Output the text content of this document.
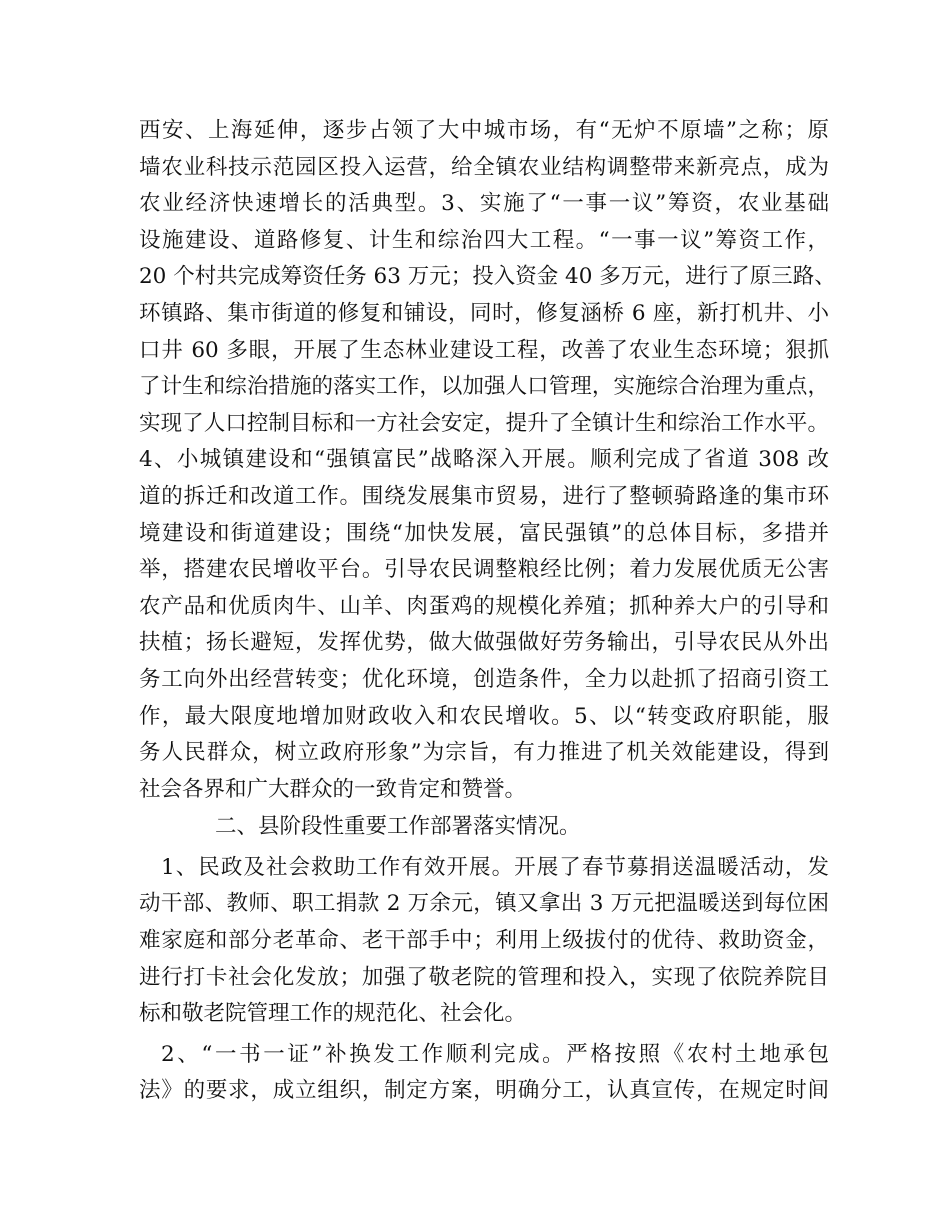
西安、上海延伸，逐步占领了大中城市场，有“无炉不原墙”之称；原
墙农业科技示范园区投入运营，给全镇农业结构调整带来新亮点，成为
农业经济快速增长的活典型。3、实施了“一事一议”筹资，农业基础
设施建设、道路修复、计生和综治四大工程。“一事一议”筹资工作，
20 个村共完成筹资任务 63 万元；投入资金 40 多万元，进行了原三路、
环镇路、集市街道的修复和铺设，同时，修复涵桥 6 座，新打机井、小
口井 60 多眼，开展了生态林业建设工程，改善了农业生态环境；狠抓
了计生和综治措施的落实工作，以加强人口管理，实施综合治理为重点，
实现了人口控制目标和一方社会安定，提升了全镇计生和综治工作水平。
4、小城镇建设和“强镇富民”战略深入开展。顺利完成了省道 308 改
道的拆迁和改道工作。围绕发展集市贸易，进行了整顿骑路逢的集市环
境建设和街道建设；围绕“加快发展，富民强镇”的总体目标，多措并
举，搭建农民增收平台。引导农民调整粮经比例；着力发展优质无公害
农产品和优质肉牛、山羊、肉蛋鸡的规模化养殖；抓种养大户的引导和
扶植；扬长避短，发挥优势，做大做强做好劳务输出，引导农民从外出
务工向外出经营转变；优化环境，创造条件，全力以赴抓了招商引资工
作，最大限度地增加财政收入和农民增收。5、以“转变政府职能，服
务人民群众，树立政府形象”为宗旨，有力推进了机关效能建设，得到
社会各界和广大群众的一致肯定和赞誉。
二、县阶段性重要工作部署落实情况。
1、民政及社会救助工作有效开展。开展了春节募捐送温暖活动，发
动干部、教师、职工捐款 2 万余元，镇又拿出 3 万元把温暖送到每位困
难家庭和部分老革命、老干部手中；利用上级拔付的优待、救助资金，
进行打卡社会化发放；加强了敬老院的管理和投入，实现了依院养院目
标和敬老院管理工作的规范化、社会化。
2、“一书一证”补换发工作顺利完成。严格按照《农村土地承包
法》的要求，成立组织，制定方案，明确分工，认真宣传，在规定时间
